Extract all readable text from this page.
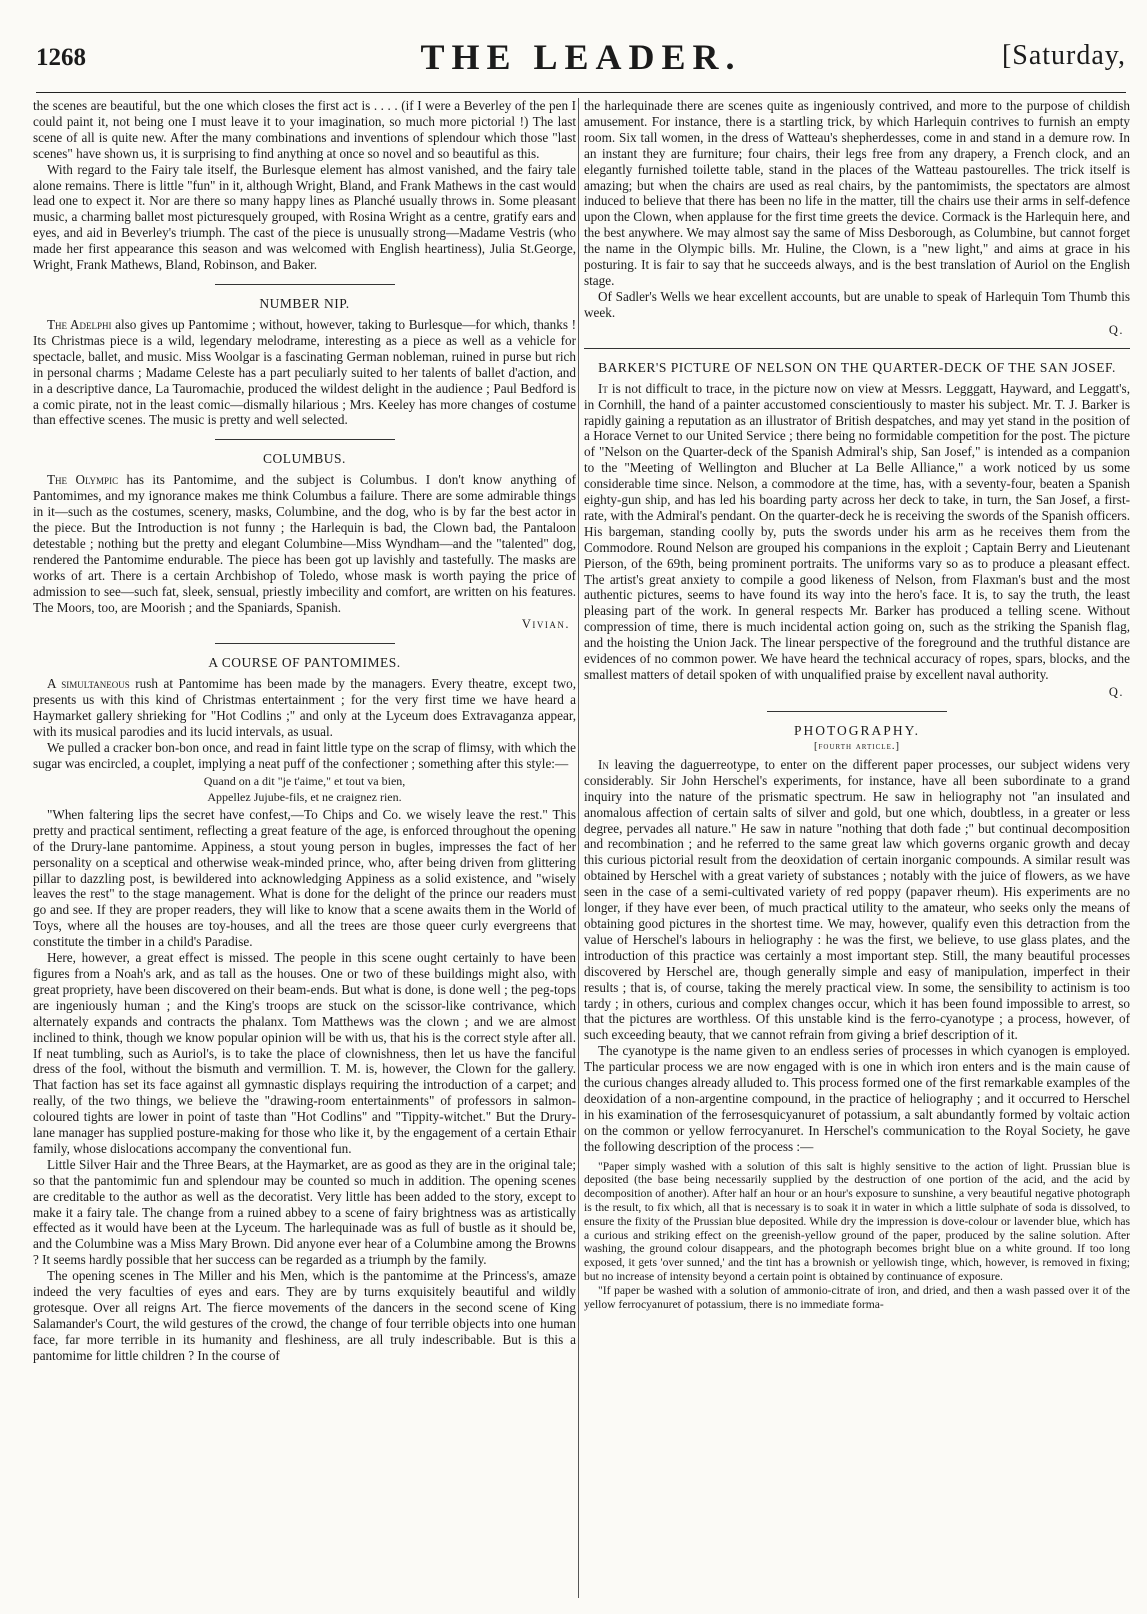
1268	THE LEADER.	[Saturday,

the scenes are beautiful, but the one which closes the first act is . . . . (if I were a Beverley of the pen I could paint it, not being one I must leave it to your imagination, so much more pictorial !) The last scene of all is quite new. After the many combinations and inventions of splendour which those "last scenes" have shown us, it is surprising to find anything at once so novel and so beautiful as this.

With regard to the Fairy tale itself, the Burlesque element has almost vanished, and the fairy tale alone remains. There is little "fun" in it, although Wright, Bland, and Frank Mathews in the cast would lead one to expect it. Nor are there so many happy lines as Planché usually throws in. Some pleasant music, a charming ballet most picturesquely grouped, with Rosina Wright as a centre, gratify ears and eyes, and aid in Beverley's triumph. The cast of the piece is unusually strong—Madame Vestris (who made her first appearance this season and was welcomed with English heartiness), Julia St.George, Wright, Frank Mathews, Bland, Robinson, and Baker.

NUMBER NIP.

The Adelphi also gives up Pantomime ; without, however, taking to Burlesque—for which, thanks ! Its Christmas piece is a wild, legendary melodrame, interesting as a piece as well as a vehicle for spectacle, ballet, and music. Miss Woolgar is a fascinating German nobleman, ruined in purse but rich in personal charms ; Madame Celeste has a part peculiarly suited to her talents of ballet d'action, and in a descriptive dance, La Tauromachie, produced the wildest delight in the audience ; Paul Bedford is a comic pirate, not in the least comic—dismally hilarious ; Mrs. Keeley has more changes of costume than effective scenes. The music is pretty and well selected.

COLUMBUS.

The Olympic has its Pantomime, and the subject is Columbus. I don't know anything of Pantomimes, and my ignorance makes me think Columbus a failure. There are some admirable things in it—such as the costumes, scenery, masks, Columbine, and the dog, who is by far the best actor in the piece. But the Introduction is not funny ; the Harlequin is bad, the Clown bad, the Pantaloon detestable ; nothing but the pretty and elegant Columbine—Miss Wyndham—and the "talented" dog, rendered the Pantomime endurable. The piece has been got up lavishly and tastefully. The masks are works of art. There is a certain Archbishop of Toledo, whose mask is worth paying the price of admission to see—such fat, sleek, sensual, priestly imbecility and comfort, are written on his features. The Moors, too, are Moorish ; and the Spaniards, Spanish.

Vivian.
A COURSE OF PANTOMIMES.

A simultaneous rush at Pantomime has been made by the managers. Every theatre, except two, presents us with this kind of Christmas entertainment ; for the very first time we have heard a Haymarket gallery shrieking for "Hot Codlins ;" and only at the Lyceum does Extravaganza appear, with its musical parodies and its lucid intervals, as usual.

We pulled a cracker bon-bon once, and read in faint little type on the scrap of flimsy, with which the sugar was encircled, a couplet, implying a neat puff of the confectioner ; something after this style:—

Quand on a dit "je t'aime," et tout va bien,
Appellez Jujube-fils, et ne craignez rien.

"When faltering lips the secret have confest,—To Chips and Co. we wisely leave the rest." This pretty and practical sentiment, reflecting a great feature of the age, is enforced throughout the opening of the Drury-lane pantomime. Appiness, a stout young person in bugles, impresses the fact of her personality on a sceptical and otherwise weak-minded prince, who, after being driven from glittering pillar to dazzling post, is bewildered into acknowledging Appiness as a solid existence, and "wisely leaves the rest" to the stage management. What is done for the delight of the prince our readers must go and see. If they are proper readers, they will like to know that a scene awaits them in the World of Toys, where all the houses are toy-houses, and all the trees are those queer curly evergreens that constitute the timber in a child's Paradise.

Here, however, a great effect is missed. The people in this scene ought certainly to have been figures from a Noah's ark, and as tall as the houses. One or two of these buildings might also, with great propriety, have been discovered on their beam-ends. But what is done, is done well ; the peg-tops are ingeniously human ; and the King's troops are stuck on the scissor-like contrivance, which alternately expands and contracts the phalanx. Tom Matthews was the clown ; and we are almost inclined to think, though we know popular opinion will be with us, that his is the correct style after all. If neat tumbling, such as Auriol's, is to take the place of clownishness, then let us have the fanciful dress of the fool, without the bismuth and vermillion. T. M. is, however, the Clown for the gallery. That faction has set its face against all gymnastic displays requiring the introduction of a carpet; and really, of the two things, we believe the "drawing-room entertainments" of professors in salmon-coloured tights are lower in point of taste than "Hot Codlins" and "Tippity-witchet." But the Drury-lane manager has supplied posture-making for those who like it, by the engagement of a certain Ethair family, whose dislocations accompany the conventional fun.

Little Silver Hair and the Three Bears, at the Haymarket, are as good as they are in the original tale; so that the pantomimic fun and splendour may be counted so much in addition. The opening scenes are creditable to the author as well as the decoratist. Very little has been added to the story, except to make it a fairy tale. The change from a ruined abbey to a scene of fairy brightness was as artistically effected as it would have been at the Lyceum. The harlequinade was as full of bustle as it should be, and the Columbine was a Miss Mary Brown. Did anyone ever hear of a Columbine among the Browns ? It seems hardly possible that her success can be regarded as a triumph by the family.

The opening scenes in The Miller and his Men, which is the pantomime at the Princess's, amaze indeed the very faculties of eyes and ears. They are by turns exquisitely beautiful and wildly grotesque. Over all reigns Art. The fierce movements of the dancers in the second scene of King Salamander's Court, the wild gestures of the crowd, the change of four terrible objects into one human face, far more terrible in its humanity and fleshiness, are all truly indescribable. But is this a pantomime for little children ? In the course of

the harlequinade there are scenes quite as ingeniously contrived, and more to the purpose of childish amusement. For instance, there is a startling trick, by which Harlequin contrives to furnish an empty room. Six tall women, in the dress of Watteau's shepherdesses, come in and stand in a demure row. In an instant they are furniture; four chairs, their legs free from any drapery, a French clock, and an elegantly furnished toilette table, stand in the places of the Watteau pastourelles. The trick itself is amazing; but when the chairs are used as real chairs, by the pantomimists, the spectators are almost induced to believe that there has been no life in the matter, till the chairs use their arms in self-defence upon the Clown, when applause for the first time greets the device. Cormack is the Harlequin here, and the best anywhere. We may almost say the same of Miss Desborough, as Columbine, but cannot forget the name in the Olympic bills. Mr. Huline, the Clown, is a "new light," and aims at grace in his posturing. It is fair to say that he succeeds always, and is the best translation of Auriol on the English stage.

Of Sadler's Wells we hear excellent accounts, but are unable to speak of Harlequin Tom Thumb this week.

Q.
BARKER'S PICTURE OF NELSON ON THE QUARTER-DECK OF THE SAN JOSEF.

It is not difficult to trace, in the picture now on view at Messrs. Legggatt, Hayward, and Leggatt's, in Cornhill, the hand of a painter accustomed conscientiously to master his subject. Mr. T. J. Barker is rapidly gaining a reputation as an illustrator of British despatches, and may yet stand in the position of a Horace Vernet to our United Service ; there being no formidable competition for the post. The picture of "Nelson on the Quarter-deck of the Spanish Admiral's ship, San Josef," is intended as a companion to the "Meeting of Wellington and Blucher at La Belle Alliance," a work noticed by us some considerable time since. Nelson, a commodore at the time, has, with a seventy-four, beaten a Spanish eighty-gun ship, and has led his boarding party across her deck to take, in turn, the San Josef, a first-rate, with the Admiral's pendant. On the quarter-deck he is receiving the swords of the Spanish officers. His bargeman, standing coolly by, puts the swords under his arm as he receives them from the Commodore. Round Nelson are grouped his companions in the exploit ; Captain Berry and Lieutenant Pierson, of the 69th, being prominent portraits. The uniforms vary so as to produce a pleasant effect. The artist's great anxiety to compile a good likeness of Nelson, from Flaxman's bust and the most authentic pictures, seems to have found its way into the hero's face. It is, to say the truth, the least pleasing part of the work. In general respects Mr. Barker has produced a telling scene. Without compression of time, there is much incidental action going on, such as the striking the Spanish flag, and the hoisting the Union Jack. The linear perspective of the foreground and the truthful distance are evidences of no common power. We have heard the technical accuracy of ropes, spars, blocks, and the smallest matters of detail spoken of with unqualified praise by excellent naval authority.

Q.
PHOTOGRAPHY.
[fourth article.]

In leaving the daguerreotype, to enter on the different paper processes, our subject widens very considerably. Sir John Herschel's experiments, for instance, have all been subordinate to a grand inquiry into the nature of the prismatic spectrum. He saw in heliography not "an insulated and anomalous affection of certain salts of silver and gold, but one which, doubtless, in a greater or less degree, pervades all nature." He saw in nature "nothing that doth fade ;" but continual decomposition and recombination ; and he referred to the same great law which governs organic growth and decay this curious pictorial result from the deoxidation of certain inorganic compounds. A similar result was obtained by Herschel with a great variety of substances ; notably with the juice of flowers, as we have seen in the case of a semi-cultivated variety of red poppy (papaver rheum). His experiments are no longer, if they have ever been, of much practical utility to the amateur, who seeks only the means of obtaining good pictures in the shortest time. We may, however, qualify even this detraction from the value of Herschel's labours in heliography : he was the first, we believe, to use glass plates, and the introduction of this practice was certainly a most important step. Still, the many beautiful processes discovered by Herschel are, though generally simple and easy of manipulation, imperfect in their results ; that is, of course, taking the merely practical view. In some, the sensibility to actinism is too tardy ; in others, curious and complex changes occur, which it has been found impossible to arrest, so that the pictures are worthless. Of this unstable kind is the ferro-cyanotype ; a process, however, of such exceeding beauty, that we cannot refrain from giving a brief description of it.

The cyanotype is the name given to an endless series of processes in which cyanogen is employed. The particular process we are now engaged with is one in which iron enters and is the main cause of the curious changes already alluded to. This process formed one of the first remarkable examples of the deoxidation of a non-argentine compound, in the practice of heliography ; and it occurred to Herschel in his examination of the ferrosesquicyanuret of potassium, a salt abundantly formed by voltaic action on the common or yellow ferrocyanuret. In Herschel's communication to the Royal Society, he gave the following description of the process :—

"Paper simply washed with a solution of this salt is highly sensitive to the action of light. Prussian blue is deposited (the base being necessarily supplied by the destruction of one portion of the acid, and the acid by decomposition of another). After half an hour or an hour's exposure to sunshine, a very beautiful negative photograph is the result, to fix which, all that is necessary is to soak it in water in which a little sulphate of soda is dissolved, to ensure the fixity of the Prussian blue deposited. While dry the impression is dove-colour or lavender blue, which has a curious and striking effect on the greenish-yellow ground of the paper, produced by the saline solution. After washing, the ground colour disappears, and the photograph becomes bright blue on a white ground. If too long exposed, it gets 'over sunned,' and the tint has a brownish or yellowish tinge, which, however, is removed in fixing; but no increase of intensity beyond a certain point is obtained by continuance of exposure.

"If paper be washed with a solution of ammonio-citrate of iron, and dried, and then a wash passed over it of the yellow ferrocyanuret of potassium, there is no immediate forma-
